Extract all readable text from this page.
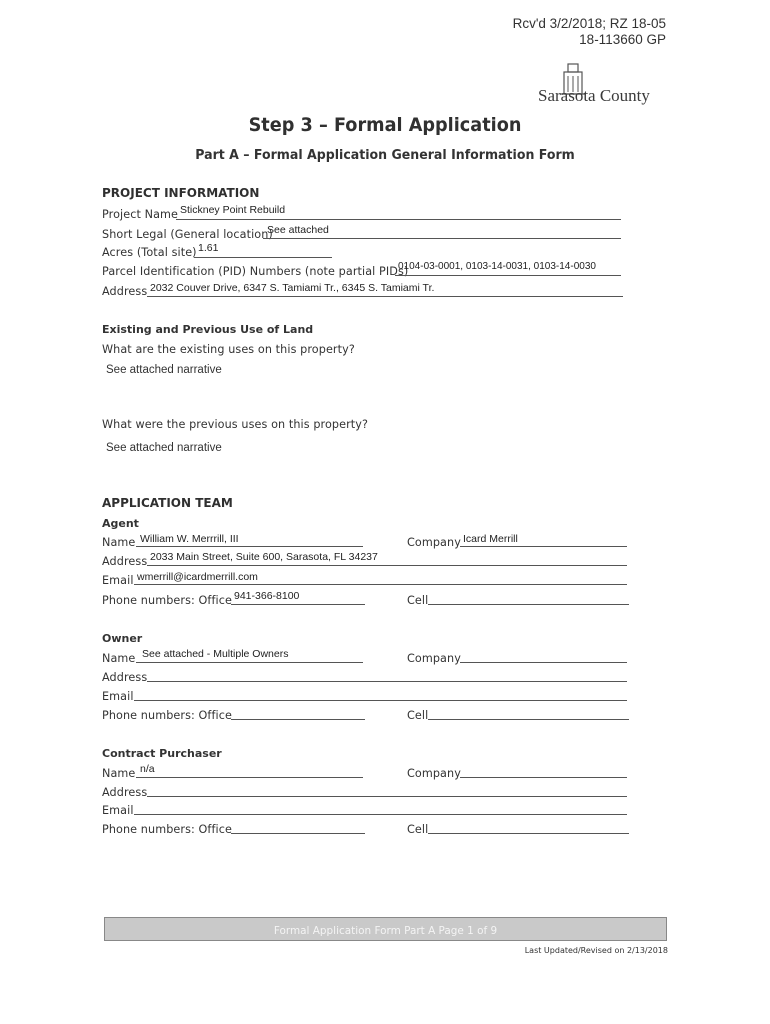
Rcv'd 3/2/2018; RZ 18-05
18-113660 GP
Sarasota County
Step 3 – Formal Application
Part A – Formal Application General Information Form
PROJECT INFORMATION
Project Name Stickney Point Rebuild
Short Legal (General location)
See attached
Acres (Total site) 1.61
Parcel Identification (PID) Numbers (note partial PIDs)
0104-03-0001, 0103-14-0031, 0103-14-0030
Address 2032 Couver Drive, 6347 S. Tamiami Tr., 6345 S. Tamiami Tr.
Existing and Previous Use of Land
What are the existing uses on this property?
See attached narrative
What were the previous uses on this property?
See attached narrative
APPLICATION TEAM
Agent
Name William W. Merrrill, III	Company Icard Merrill
Address 2033 Main Street, Suite 600, Sarasota, FL 34237
Email wmerrill@icardmerrill.com
Phone numbers: Office 941-366-8100	Cell
Owner
Name See attached - Multiple Owners	Company
Address
Email
Phone numbers: Office	Cell
Contract Purchaser
Name n/a	Company
Address
Email
Phone numbers: Office	Cell
Formal Application Form Part A Page 1 of 9
Last Updated/Revised on 2/13/2018
